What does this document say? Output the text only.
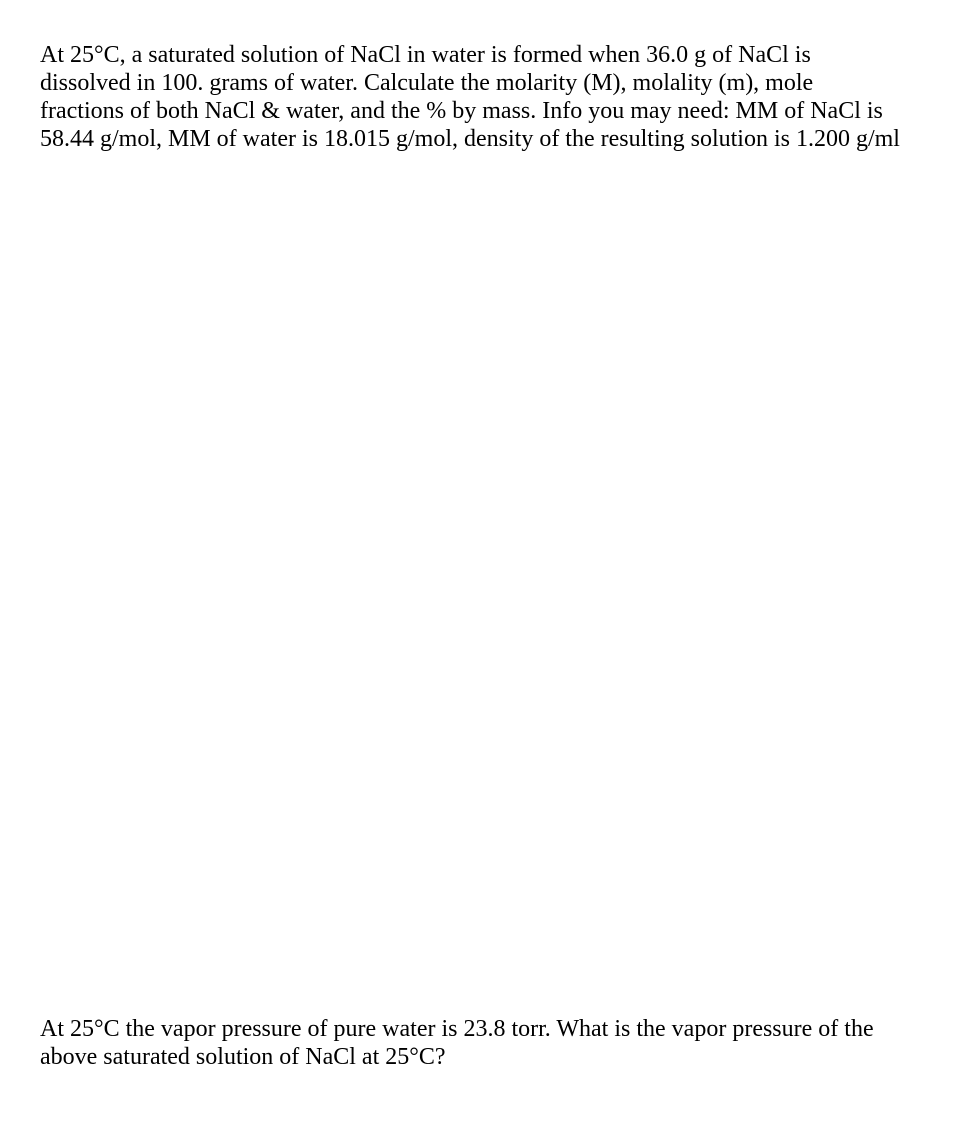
At 25°C, a saturated solution of NaCl in water is formed when 36.0 g of NaCl is
dissolved in 100. grams of water. Calculate the molarity (M), molality (m), mole
fractions of both NaCl & water, and the % by mass. Info you may need: MM of NaCl is
58.44 g/mol, MM of water is 18.015 g/mol, density of the resulting solution is 1.200 g/ml
At 25°C the vapor pressure of pure water is 23.8 torr. What is the vapor pressure of the
above saturated solution of NaCl at 25°C?
